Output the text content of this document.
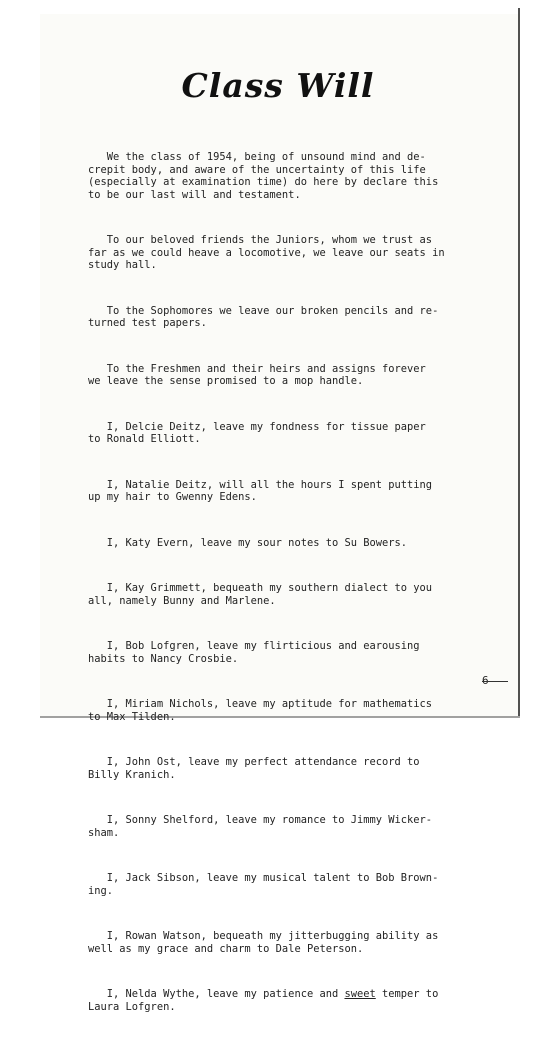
Class Will

We the class of 1954, being of unsound mind and de-
crepit body, and aware of the uncertainty of this life
(especially at examination time) do here by declare this
to be our last will and testament.

To our beloved friends the Juniors, whom we trust as
far as we could heave a locomotive, we leave our seats in
study hall.

To the Sophomores we leave our broken pencils and re-
turned test papers.

To the Freshmen and their heirs and assigns forever
we leave the sense promised to a mop handle.

I, Delcie Deitz, leave my fondness for tissue paper
to Ronald Elliott.

I, Natalie Deitz, will all the hours I spent putting
up my hair to Gwenny Edens.

I, Katy Evern, leave my sour notes to Su Bowers.

I, Kay Grimmett, bequeath my southern dialect to you
all, namely Bunny and Marlene.

I, Bob Lofgren, leave my flirticious and earousing
habits to Nancy Crosbie.

I, Miriam Nichols, leave my aptitude for mathematics
to Max Tilden.

I, John Ost, leave my perfect attendance record to
Billy Kranich.

I, Sonny Shelford, leave my romance to Jimmy Wicker-
sham.

I, Jack Sibson, leave my musical talent to Bob Brown-
ing.

I, Rowan Watson, bequeath my jitterbugging ability as
well as my grace and charm to Dale Peterson.

I, Nelda Wythe, leave my patience and sweet temper to
Laura Lofgren.
